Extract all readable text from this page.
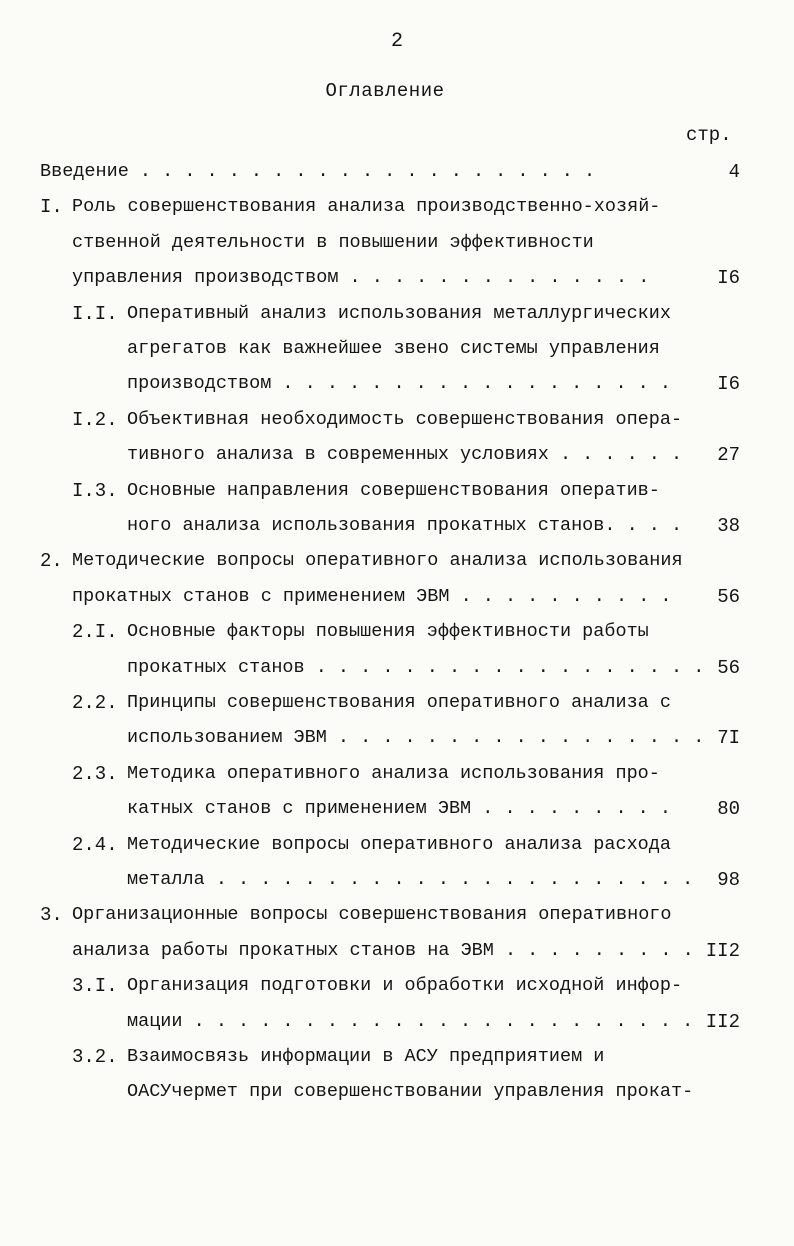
2
Оглавление
стр.
Введение . . . . . . . . . . . . . . . . . . . . .	4
I. Роль совершенствования анализа производственно-хозяй-
ственной деятельности в повышении эффективности
управления производством . . . . . . . . . . . . . .	I6
I.I. Оперативный анализ использования металлургических
агрегатов как важнейшее звено системы управления
производством . . . . . . . . . . . . . . . . . . I6
I.2. Объективная необходимость совершенствования опера-
тивного анализа в современных условиях . . . . . . 27
I.3. Основные направления совершенствования оператив-
ного анализа использования прокатных станов. . . . 38
2. Методические вопросы оперативного анализа использования
прокатных станов с применением ЭВМ . . . . . . . . . . 56
2.I. Основные факторы повышения эффективности работы
прокатных станов . . . . . . . . . . . . . . . . . . 56
2.2. Принципы совершенствования оперативного анализа с
использованием ЭВМ . . . . . . . . . . . . . . . . . 7I
2.3. Методика оперативного анализа использования про-
катных станов с применением ЭВМ . . . . . . . . . 80
2.4. Методические вопросы оперативного анализа расхода
металла . . . . . . . . . . . . . . . . . . . . . . 98
3. Организационные вопросы совершенствования оперативного
анализа работы прокатных станов на ЭВМ . . . . . . . . . II2
3.I. Организация подготовки и обработки исходной инфор-
мации . . . . . . . . . . . . . . . . . . . . . . . II2
3.2. Взаимосвязь информации в АСУ предприятием и
ОАСУчермет при совершенствовании управления прокат-
